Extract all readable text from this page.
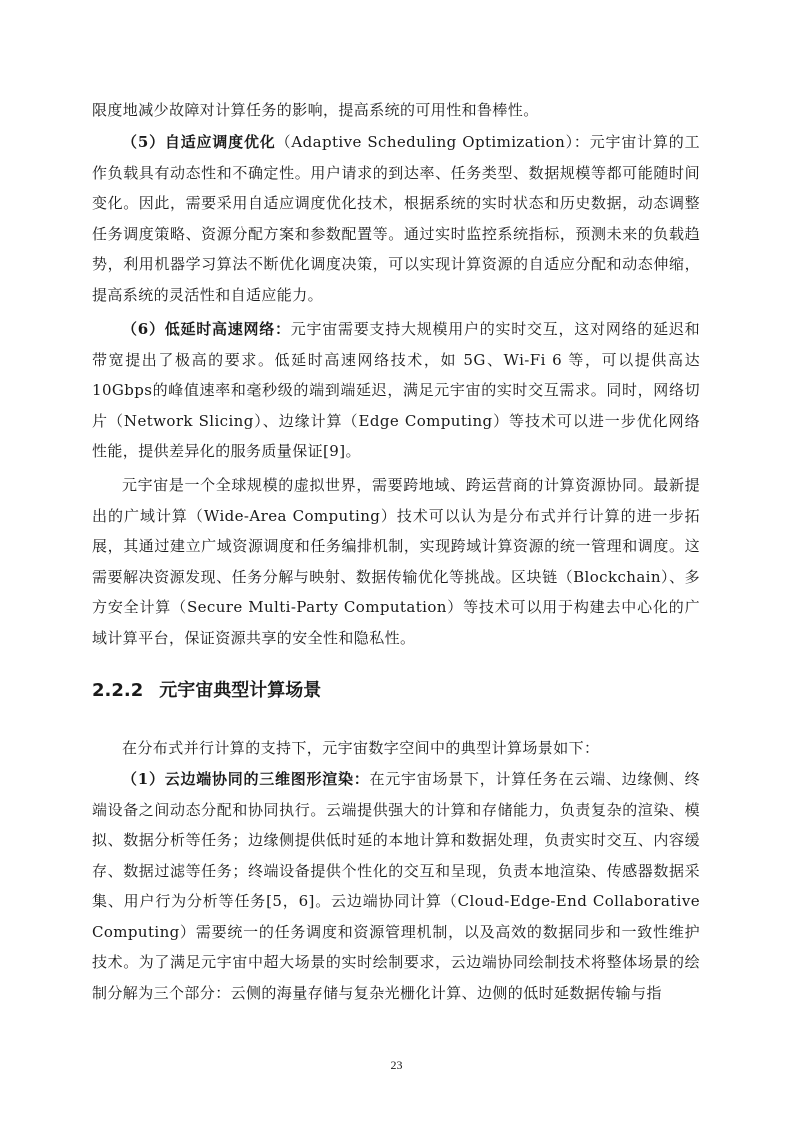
限度地减少故障对计算任务的影响，提高系统的可用性和鲁棒性。

（5）自适应调度优化（Adaptive Scheduling Optimization）：元宇宙计算的工作负载具有动态性和不确定性。用户请求的到达率、任务类型、数据规模等都可能随时间变化。因此，需要采用自适应调度优化技术，根据系统的实时状态和历史数据，动态调整任务调度策略、资源分配方案和参数配置等。通过实时监控系统指标，预测未来的负载趋势，利用机器学习算法不断优化调度决策，可以实现计算资源的自适应分配和动态伸缩，提高系统的灵活性和自适应能力。

（6）低延时高速网络：元宇宙需要支持大规模用户的实时交互，这对网络的延迟和带宽提出了极高的要求。低延时高速网络技术，如 5G、Wi-Fi 6 等，可以提供高达10Gbps的峰值速率和毫秒级的端到端延迟，满足元宇宙的实时交互需求。同时，网络切片（Network Slicing）、边缘计算（Edge Computing）等技术可以进一步优化网络性能，提供差异化的服务质量保证[9]。

元宇宙是一个全球规模的虚拟世界，需要跨地域、跨运营商的计算资源协同。最新提出的广域计算（Wide-Area Computing）技术可以认为是分布式并行计算的进一步拓展，其通过建立广域资源调度和任务编排机制，实现跨域计算资源的统一管理和调度。这需要解决资源发现、任务分解与映射、数据传输优化等挑战。区块链（Blockchain）、多方安全计算（Secure Multi-Party Computation）等技术可以用于构建去中心化的广域计算平台，保证资源共享的安全性和隐私性。

2.2.2 元宇宙典型计算场景

在分布式并行计算的支持下，元宇宙数字空间中的典型计算场景如下：

（1）云边端协同的三维图形渲染：在元宇宙场景下，计算任务在云端、边缘侧、终端设备之间动态分配和协同执行。云端提供强大的计算和存储能力，负责复杂的渲染、模拟、数据分析等任务；边缘侧提供低时延的本地计算和数据处理，负责实时交互、内容缓存、数据过滤等任务；终端设备提供个性化的交互和呈现，负责本地渲染、传感器数据采集、用户行为分析等任务[5，6]。云边端协同计算（Cloud-Edge-End Collaborative Computing）需要统一的任务调度和资源管理机制，以及高效的数据同步和一致性维护技术。为了满足元宇宙中超大场景的实时绘制要求，云边端协同绘制技术将整体场景的绘制分解为三个部分：云侧的海量存储与复杂光栅化计算、边侧的低时延数据传输与指

23
